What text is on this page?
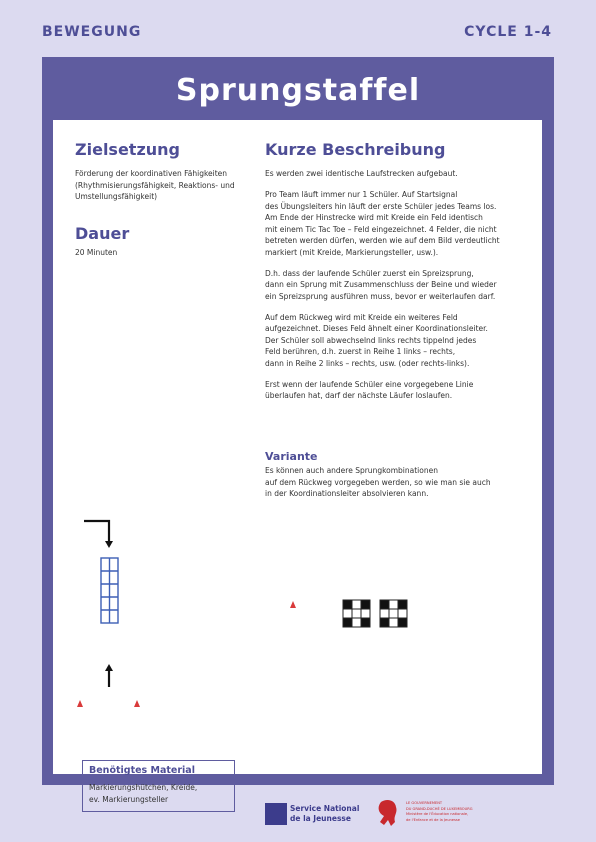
BEWEGUNG	CYCLE 1-4
Sprungstaffel
Zielsetzung
Förderung der koordinativen Fähigkeiten (Rhythmisierungsfähigkeit, Reaktions- und Umstellungsfähigkeit)
Dauer
20 Minuten
Kurze Beschreibung

Es werden zwei identische Laufstrecken aufgebaut.

Pro Team läuft immer nur 1 Schüler. Auf Startsignal
des Übungsleiters hin läuft der erste Schüler jedes Teams los.
Am Ende der Hinstrecke wird mit Kreide ein Feld identisch
mit einem Tic Tac Toe – Feld eingezeichnet. 4 Felder, die nicht
betreten werden dürfen, werden wie auf dem Bild verdeutlicht
markiert (mit Kreide, Markierungsteller, usw.).

D.h. dass der laufende Schüler zuerst ein Spreizsprung,
dann ein Sprung mit Zusammenschluss der Beine und wieder
ein Spreizsprung ausführen muss, bevor er weiterlaufen darf.

Auf dem Rückweg wird mit Kreide ein weiteres Feld
aufgezeichnet. Dieses Feld ähnelt einer Koordinationsleiter.
Der Schüler soll abwechselnd links rechts tippelnd jedes
Feld berühren, d.h. zuerst in Reihe 1 links – rechts,
dann in Reihe 2 links – rechts, usw. (oder rechts-links).

Erst wenn der laufende Schüler eine vorgegebene Linie
überlaufen hat, darf der nächste Läufer loslaufen.

Variante
Es können auch andere Sprungkombinationen
auf dem Rückweg vorgegeben werden, so wie man sie auch
in der Koordinationsleiter absolvieren kann.
Benötigtes Material
Markierungshütchen, Kreide,
ev. Markierungsteller
Service National
de la Jeunesse
LE GOUVERNEMENT
DU GRAND-DUCHÉ DE LUXEMBOURG
Ministère de l'Éducation nationale,
de l'Enfance et de la Jeunesse
